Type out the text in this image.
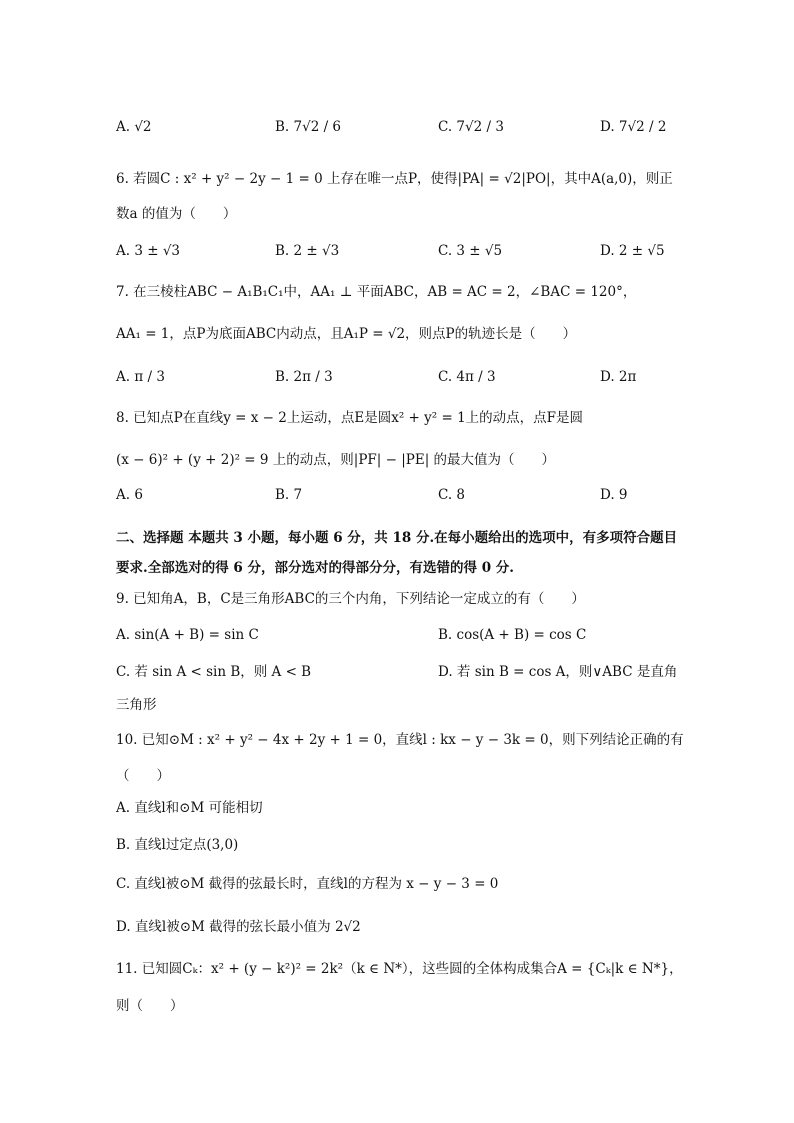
A. √2	B. 7√2 / 6	C. 7√2 / 3	D. 7√2 / 2
6. 若圆C : x² + y² − 2y − 1 = 0 上存在唯一点P，使得|PA| = √2|PO|，其中A(a,0)，则正
数a 的值为（　　）
A. 3 ± √3	B. 2 ± √3	C. 3 ± √5	D. 2 ± √5
7. 在三棱柱ABC − A₁B₁C₁中，AA₁ ⊥ 平面ABC，AB = AC = 2，∠BAC = 120°，
AA₁ = 1，点P为底面ABC内动点，且A₁P = √2，则点P的轨迹长是（　　）
A. π / 3	B. 2π / 3	C. 4π / 3	D. 2π
8. 已知点P在直线y = x − 2上运动，点E是圆x² + y² = 1上的动点，点F是圆
(x − 6)² + (y + 2)² = 9 上的动点，则|PF| − |PE| 的最大值为（　　）
A. 6	B. 7	C. 8	D. 9
二、选择题 本题共 3 小题，每小题 6 分，共 18 分.在每小题给出的选项中，有多项符合题目
要求.全部选对的得 6 分，部分选对的得部分分，有选错的得 0 分.
9. 已知角A，B，C是三角形ABC的三个内角，下列结论一定成立的有（　　）
A. sin(A + B) = sin C	B. cos(A + B) = cos C
C. 若 sin A < sin B，则 A < B	D. 若 sin B = cos A，则∨ABC 是直角
三角形
10. 已知⊙M : x² + y² − 4x + 2y + 1 = 0，直线l : kx − y − 3k = 0，则下列结论正确的有
（　　）
A. 直线l和⊙M 可能相切
B. 直线l过定点(3,0)
C. 直线l被⊙M 截得的弦最长时，直线l的方程为 x − y − 3 = 0
D. 直线l被⊙M 截得的弦长最小值为 2√2
11. 已知圆Cₖ：x² + (y − k²)² = 2k²（k ∈ N*），这些圆的全体构成集合A = {Cₖ|k ∈ N*}，
则（　　）
